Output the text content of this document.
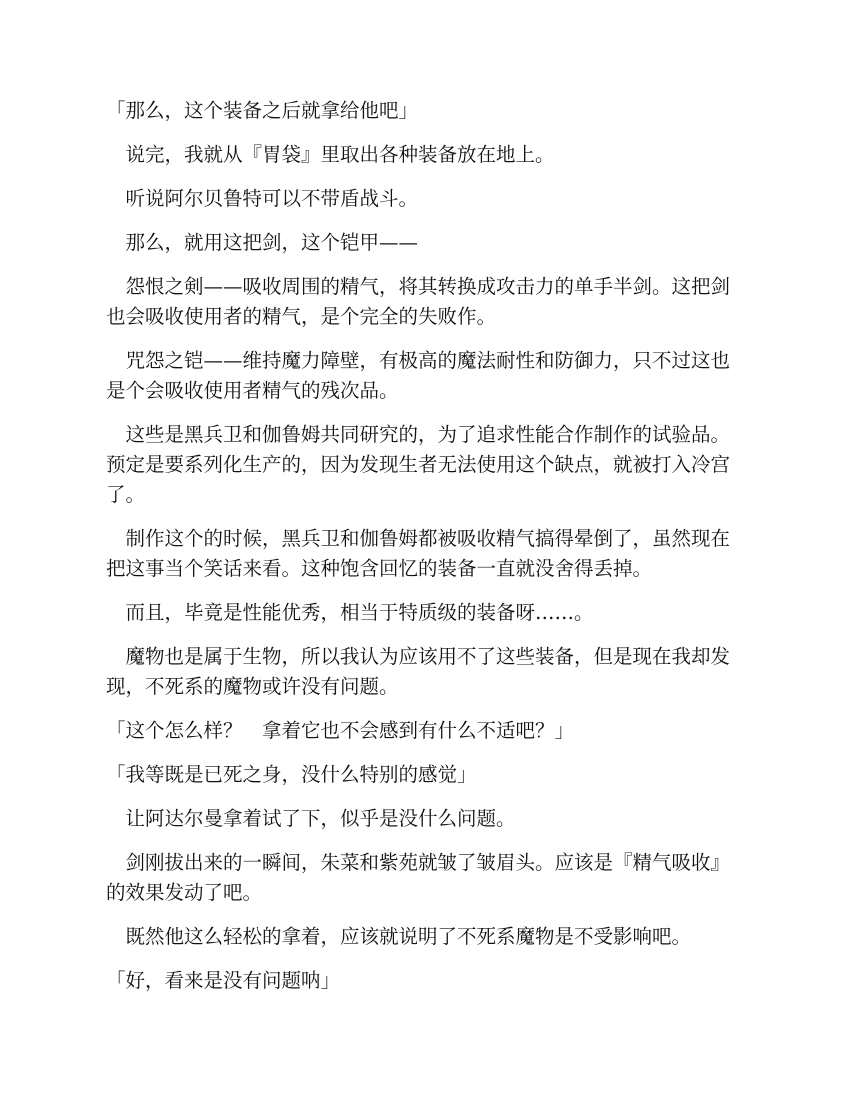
「那么，这个装备之后就拿给他吧」

说完，我就从『胃袋』里取出各种装备放在地上。

听说阿尔贝鲁特可以不带盾战斗。

那么，就用这把剑，这个铠甲——

怨恨之剣——吸收周围的精气，将其转换成攻击力的单手半剑。这把剑也会吸收使用者的精气，是个完全的失败作。

咒怨之铠——维持魔力障壁，有极高的魔法耐性和防御力，只不过这也是个会吸收使用者精气的残次品。

这些是黑兵卫和伽鲁姆共同研究的，为了追求性能合作制作的试验品。预定是要系列化生产的，因为发现生者无法使用这个缺点，就被打入冷宫了。

制作这个的时候，黑兵卫和伽鲁姆都被吸收精气搞得晕倒了，虽然现在把这事当个笑话来看。这种饱含回忆的装备一直就没舍得丢掉。

而且，毕竟是性能优秀，相当于特质级的装备呀……。

魔物也是属于生物，所以我认为应该用不了这些装备，但是现在我却发现，不死系的魔物或许没有问题。

「这个怎么样？　拿着它也不会感到有什么不适吧？」

「我等既是已死之身，没什么特别的感觉」

让阿达尔曼拿着试了下，似乎是没什么问题。

剑刚拔出来的一瞬间，朱菜和紫苑就皱了皱眉头。应该是『精气吸收』的效果发动了吧。

既然他这么轻松的拿着，应该就说明了不死系魔物是不受影响吧。

「好，看来是没有问题呐」
